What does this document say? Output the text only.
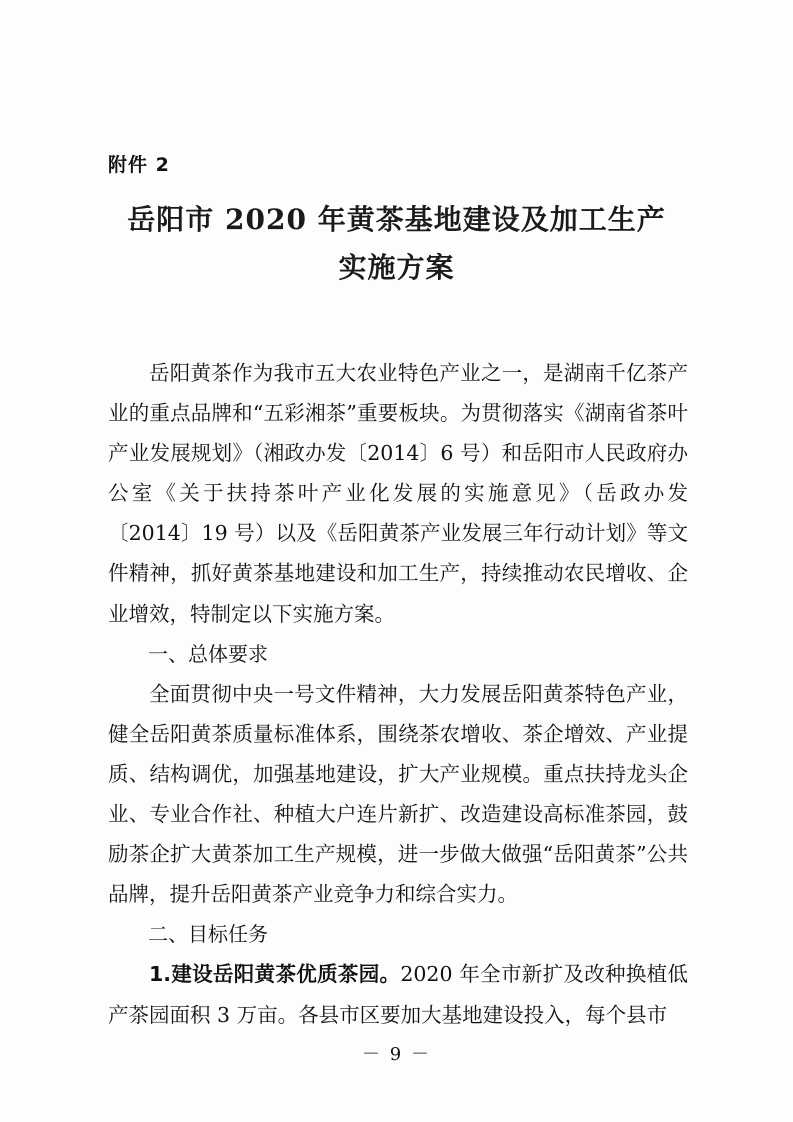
附件 2
岳阳市 2020 年黄茶基地建设及加工生产
实施方案

岳阳黄茶作为我市五大农业特色产业之一，是湖南千亿茶产业的重点品牌和“五彩湘茶”重要板块。为贯彻落实《湖南省茶叶产业发展规划》（湘政办发〔2014〕6 号）和岳阳市人民政府办公室《关于扶持茶叶产业化发展的实施意见》（岳政办发〔2014〕19 号）以及《岳阳黄茶产业发展三年行动计划》等文件精神，抓好黄茶基地建设和加工生产，持续推动农民增收、企业增效，特制定以下实施方案。

一、总体要求

全面贯彻中央一号文件精神，大力发展岳阳黄茶特色产业，健全岳阳黄茶质量标准体系，围绕茶农增收、茶企增效、产业提质、结构调优，加强基地建设，扩大产业规模。重点扶持龙头企业、专业合作社、种植大户连片新扩、改造建设高标准茶园，鼓励茶企扩大黄茶加工生产规模，进一步做大做强“岳阳黄茶”公共品牌，提升岳阳黄茶产业竞争力和综合实力。

二、目标任务

1.建设岳阳黄茶优质茶园。2020 年全市新扩及改种换植低产茶园面积 3 万亩。各县市区要加大基地建设投入，每个县市

－ 9 －
